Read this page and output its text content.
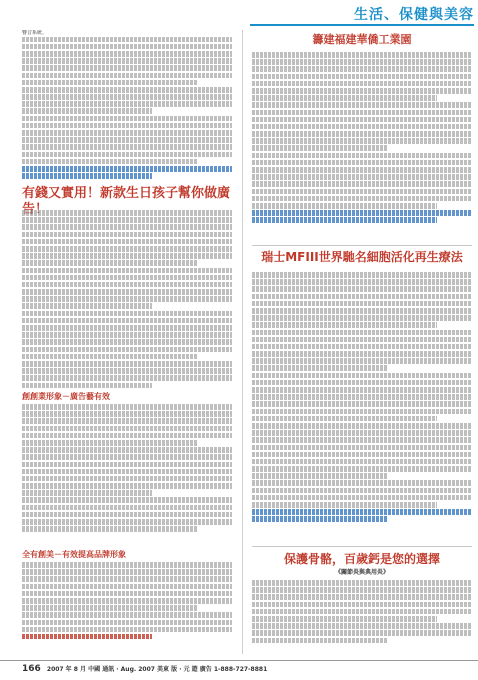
生活、保健與美容
響音系統。
有錢又實用！新款生日孩子幫你做廣
創創業形象－廣告藝有效
全有創美－有效提高品牌形象
籌建福建華僑工業園
瑞士MFIII世界馳名細胞活化再生療法
保護骨骼，百歲鈣是您的選擇
《關節炎與典用炎》
166 2007 年 8 月 中國 通訊 · Aug. 2007 美東 版 · 元 遊 廣告 1-888-727-8881
